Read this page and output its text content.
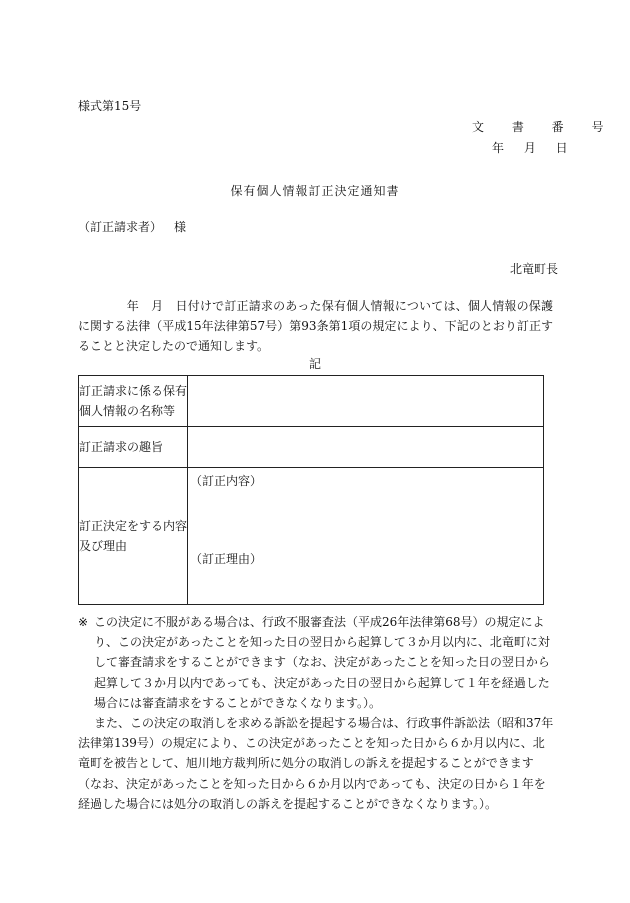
様式第15号
文 書 番 号
年 月 日
保有個人情報訂正決定通知書
（訂正請求者） 様
北竜町長

　　　　年　月　日付けで訂正請求のあった保有個人情報については、個人情報の保護に関する法律（平成15年法律第57号）第93条第1項の規定により、下記のとおり訂正することと決定したので通知します。

記
訂正請求に係る保有個人情報の名称等	
訂正請求の趣旨	
訂正決定をする内容及び理由	（訂正内容）
（訂正理由）

※ この決定に不服がある場合は、行政不服審査法（平成26年法律第68号）の規定により、この決定があったことを知った日の翌日から起算して３か月以内に、北竜町に対して審査請求をすることができます（なお、決定があったことを知った日の翌日から起算して３か月以内であっても、決定があった日の翌日から起算して１年を経過した場合には審査請求をすることができなくなります。）。

また、この決定の取消しを求める訴訟を提起する場合は、行政事件訴訟法（昭和37年法律第139号）の規定により、この決定があったことを知った日から６か月以内に、北竜町を被告として、旭川地方裁判所に処分の取消しの訴えを提起することができます（なお、決定があったことを知った日から６か月以内であっても、決定の日から１年を経過した場合には処分の取消しの訴えを提起することができなくなります。）。
